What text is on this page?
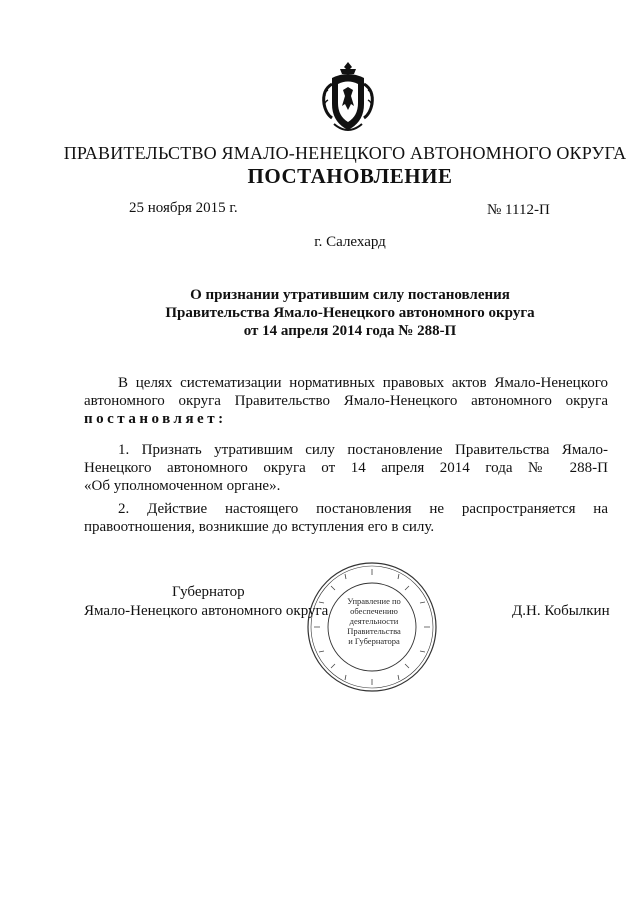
ПРАВИТЕЛЬСТВО ЯМАЛО-НЕНЕЦКОГО АВТОНОМНОГО ОКРУГА
ПОСТАНОВЛЕНИЕ
25 ноября 2015 г.	№ 1112-П
г. Салехард
О признании утратившим силу постановления
Правительства Ямало-Ненецкого автономного округа
от 14 апреля 2014 года № 288-П
В целях систематизации нормативных правовых актов Ямало-Ненецкого
автономного округа Правительство Ямало-Ненецкого автономного округа
постановляет:
1. Признать утратившим силу постановление Правительства Ямало-
Ненецкого автономного округа от 14 апреля 2014 года № 288-П
«Об уполномоченном органе».
2. Действие настоящего постановления не распространяется на
правоотношения, возникшие до вступления его в силу.
Управление по
обеспечению
деятельности
Правительства
и Губернатора
Губернатор
Ямало-Ненецкого автономного округа	Д.Н. Кобылкин
